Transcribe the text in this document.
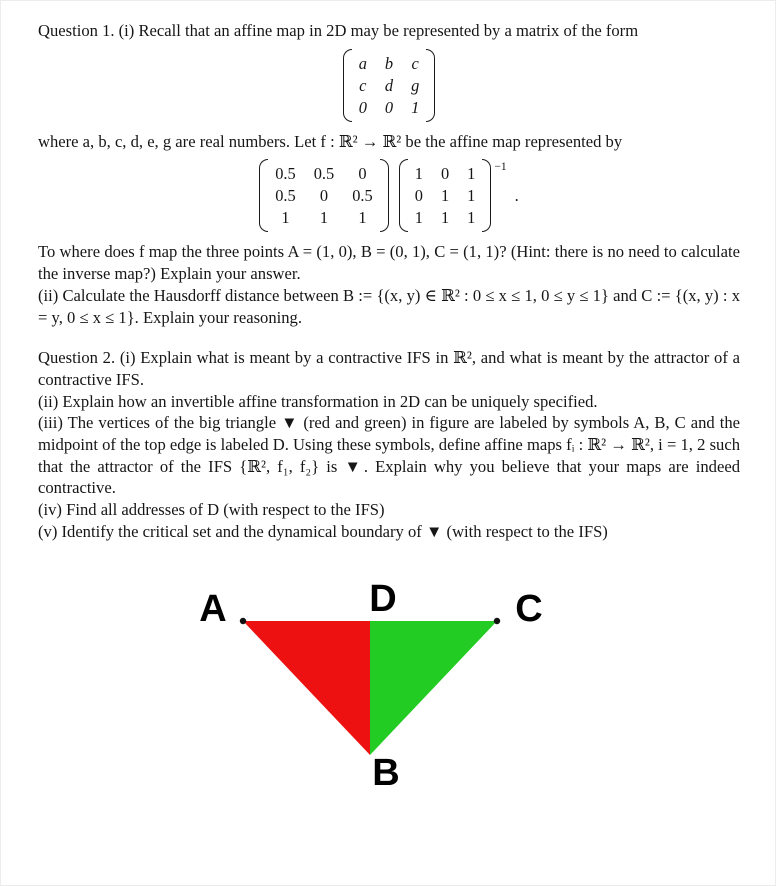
Question 1. (i) Recall that an affine map in 2D may be represented by a matrix of the form

a b c
c d g
0 0 1

where a, b, c, d, e, g are real numbers. Let f : ℝ² → ℝ² be the affine map represented by

0.5 0.5 0
0.5 0 0.5
1 1 1
1 0 1
0 1 1
1 1 1
−1
.

To where does f map the three points A = (1, 0), B = (0, 1), C = (1, 1)? (Hint: there is no need to calculate the inverse map?) Explain your answer.

(ii) Calculate the Hausdorff distance between B := {(x, y) ∈ ℝ² : 0 ≤ x ≤ 1, 0 ≤ y ≤ 1} and C := {(x, y) : x = y, 0 ≤ x ≤ 1}. Explain your reasoning.

Question 2. (i) Explain what is meant by a contractive IFS in ℝ², and what is meant by the attractor of a contractive IFS.

(ii) Explain how an invertible affine transformation in 2D can be uniquely specified.

(iii) The vertices of the big triangle ▼ (red and green) in figure are labeled by symbols A, B, C and the midpoint of the top edge is labeled D. Using these symbols, define affine maps fᵢ : ℝ² → ℝ², i = 1, 2 such that the attractor of the IFS {ℝ², f₁, f₂} is ▼. Explain why you believe that your maps are indeed contractive.

(iv) Find all addresses of D (with respect to the IFS)

(v) Identify the critical set and the dynamical boundary of ▼ (with respect to the IFS)

A	D	C
B
